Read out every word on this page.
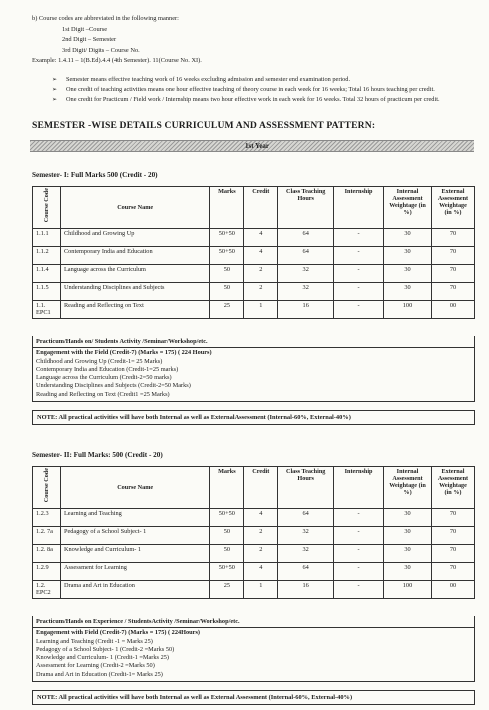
b) Course codes are abbreviated in the following manner:
1st Digit –Course
2nd Digit – Semester
3rd Digit/ Digits – Course No.
Example: 1.4.11 – 1(B.Ed).4.4 (4th Semester). 11(Course No. XI).
➢ Semester means effective teaching work of 16 weeks excluding admission and semester end examination period.
➢ One credit of teaching activities means one hour effective teaching of theory course in each week for 16 weeks; Total 16 hours teaching per credit.
➢ One credit for Practicum / Field work / Internship means two hour effective work in each week for 16 weeks. Total 32 hours of practicum per credit.
SEMESTER -WISE DETAILS CURRICULUM AND ASSESSMENT PATTERN:
1st Year
Semester- I: Full Marks 500 (Credit - 20)
Course Code	Course Name	Marks	Credit	Class Teaching Hours	Internship	Internal Assessment Weightage (in %)	External Assessment Weightage (in %)
1.1.1	Childhood and Growing Up	50+50	4	64	-	30	70
1.1.2	Contemporary India and Education	50+50	4	64	-	30	70
1.1.4	Language across the Curriculum	50	2	32	-	30	70
1.1.5	Understanding Disciplines and Subjects	50	2	32	-	30	70
1.1. EPC1	Reading and Reflecting on Text	25	1	16	-	100	00
Practicum/Hands on/ Students Activity /Seminar/Workshop/etc.
Engagement with the Field (Credit-7) (Marks = 175) ( 224 Hours)
Childhood and Growing Up (Credit-1= 25 Marks)
Contemporary India and Education (Credit-1=25 marks)
Language across the Curriculum (Credit-2=50 marks)
Understanding Disciplines and Subjects (Credit-2=50 Marks)
Reading and Reflecting on Text (Credit1 =25 Marks)
NOTE: All practical activities will have both Internal as well as ExternalAssessment (Internal-60%, External-40%)
Semester- II: Full Marks: 500 (Credit - 20)
Course Code	Course Name	Marks	Credit	Class Teaching Hours	Internship	Internal Assessment Weightage (in %)	External Assessment Weightage (in %)
1.2.3	Learning and Teaching	50+50	4	64	-	30	70
1.2. 7a	Pedagogy of a School Subject- 1	50	2	32	-	30	70
1.2. 8a	Knowledge and Curriculum- 1	50	2	32	-	30	70
1.2.9	Assessment for Learning	50+50	4	64	-	30	70
1.2. EPC2	Drama and Art in Education	25	1	16	-	100	00
Practicum/Hands on Experience / StudentsActivity /Seminar/Workshop/etc.
Engagement with Field (Credit-7) (Marks = 175) ( 224Hours)
Learning and Teaching (Credit -1 = Marks 25)
Pedagogy of a School Subject- 1 (Credit-2 =Marks 50)
Knowledge and Curriculum- 1 (Credit-1 =Marks 25)
Assessment for Learning (Credit-2 =Marks 50)
Drama and Art in Education (Credit-1= Marks 25)
NOTE: All practical activities will have both Internal as well as External Assessment (Internal-60%, External-40%)
